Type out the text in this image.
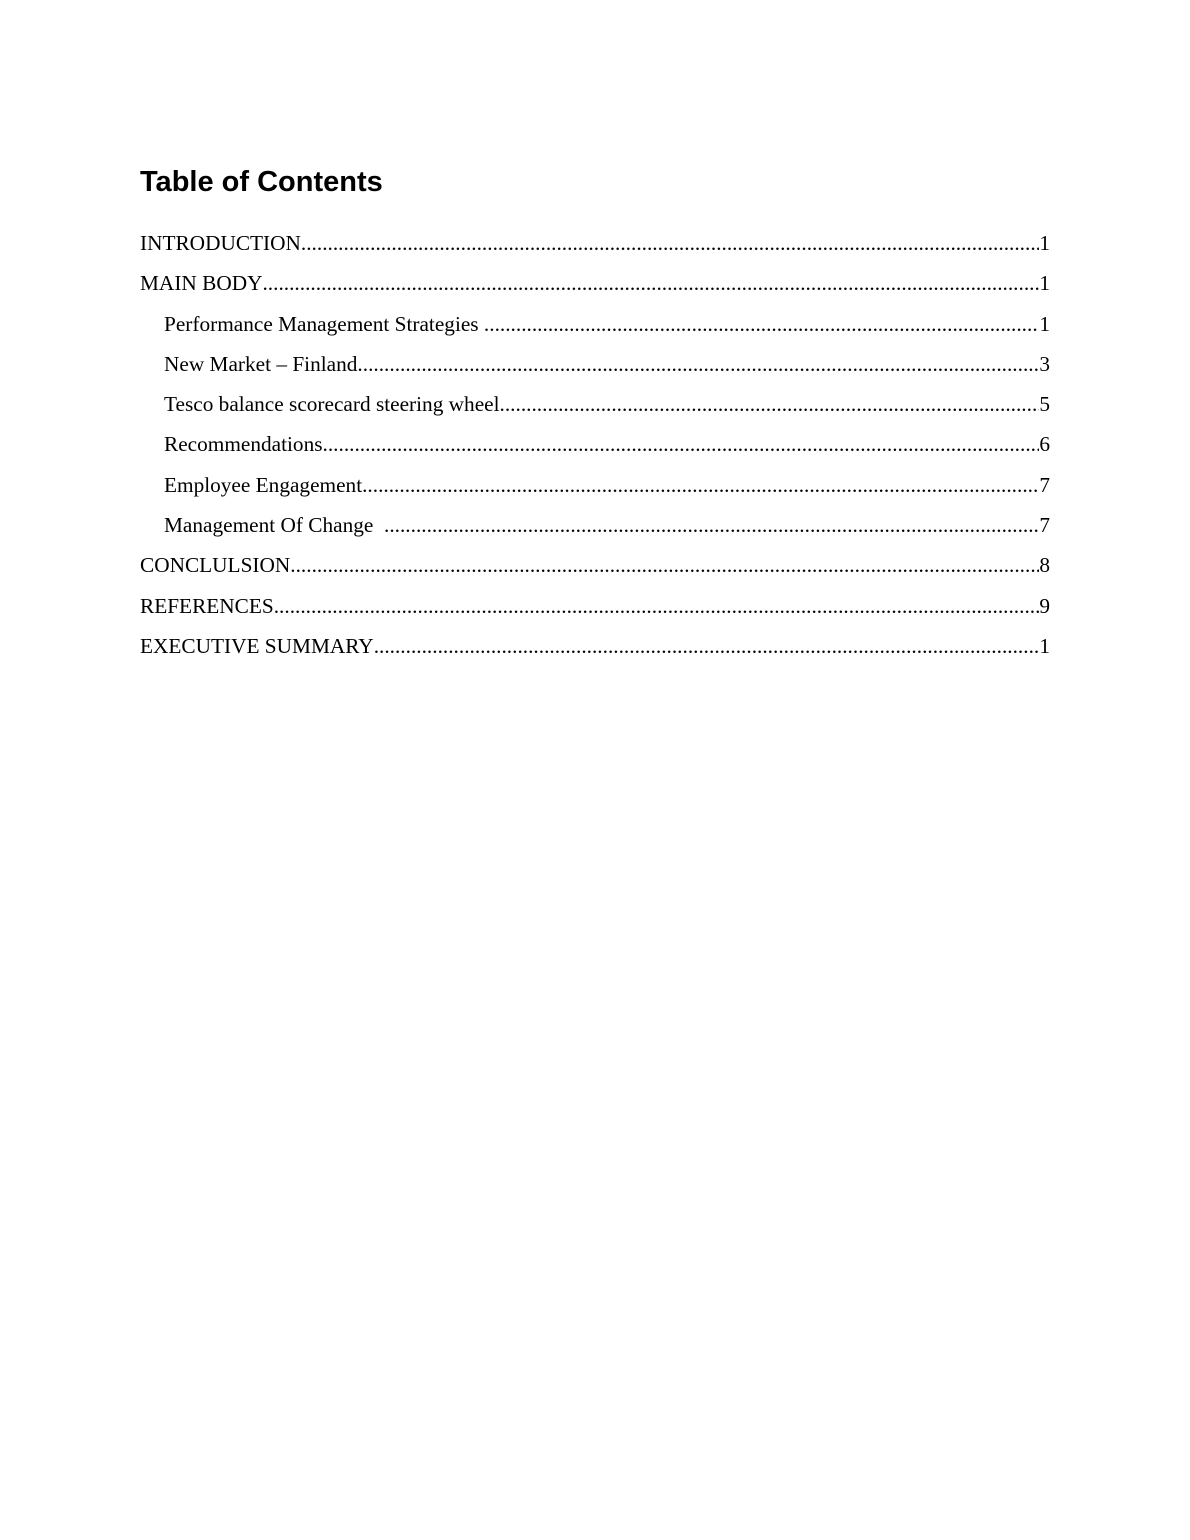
Table of Contents
INTRODUCTION .....	1
MAIN BODY .....	1
Performance Management Strategies .....	1
New Market – Finland .....	3
Tesco balance scorecard steering wheel .....	5
Recommendations .....	6
Employee Engagement .....	7
Management Of Change .....	7
CONCLULSION .....	8
REFERENCES .....	9
EXECUTIVE SUMMARY .....	1
